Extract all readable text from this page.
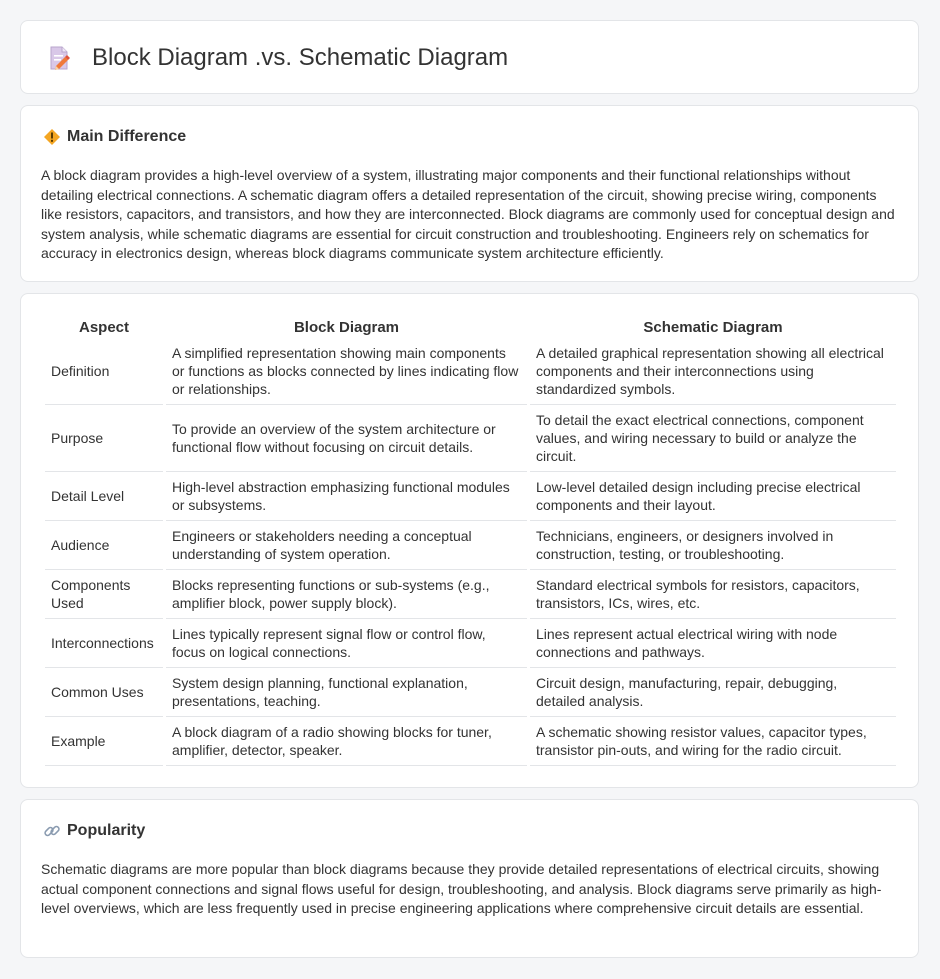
Block Diagram .vs. Schematic Diagram
Main Difference
A block diagram provides a high-level overview of a system, illustrating major components and their functional relationships without detailing electrical connections. A schematic diagram offers a detailed representation of the circuit, showing precise wiring, components like resistors, capacitors, and transistors, and how they are interconnected. Block diagrams are commonly used for conceptual design and system analysis, while schematic diagrams are essential for circuit construction and troubleshooting. Engineers rely on schematics for accuracy in electronics design, whereas block diagrams communicate system architecture efficiently.
Aspect	Block Diagram	Schematic Diagram
Definition	A simplified representation showing main components or functions as blocks connected by lines indicating flow or relationships.	A detailed graphical representation showing all electrical components and their interconnections using standardized symbols.
Purpose	To provide an overview of the system architecture or functional flow without focusing on circuit details.	To detail the exact electrical connections, component values, and wiring necessary to build or analyze the circuit.
Detail Level	High-level abstraction emphasizing functional modules or subsystems.	Low-level detailed design including precise electrical components and their layout.
Audience	Engineers or stakeholders needing a conceptual understanding of system operation.	Technicians, engineers, or designers involved in construction, testing, or troubleshooting.
Components Used	Blocks representing functions or sub-systems (e.g., amplifier block, power supply block).	Standard electrical symbols for resistors, capacitors, transistors, ICs, wires, etc.
Interconnections	Lines typically represent signal flow or control flow, focus on logical connections.	Lines represent actual electrical wiring with node connections and pathways.
Common Uses	System design planning, functional explanation, presentations, teaching.	Circuit design, manufacturing, repair, debugging, detailed analysis.
Example	A block diagram of a radio showing blocks for tuner, amplifier, detector, speaker.	A schematic showing resistor values, capacitor types, transistor pin-outs, and wiring for the radio circuit.
Popularity
Schematic diagrams are more popular than block diagrams because they provide detailed representations of electrical circuits, showing actual component connections and signal flows useful for design, troubleshooting, and analysis. Block diagrams serve primarily as high-level overviews, which are less frequently used in precise engineering applications where comprehensive circuit details are essential.
